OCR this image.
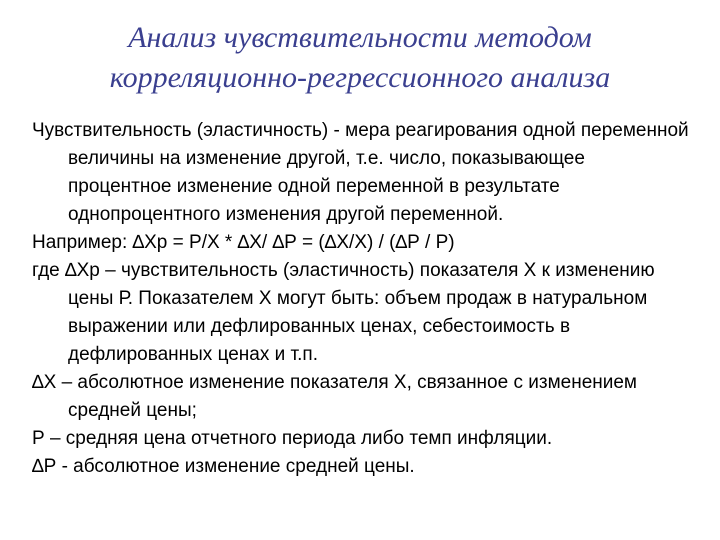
Анализ чувствительности методом
корреляционно-регрессионного анализа

Чувствительность (эластичность) - мера реагирования одной переменной величины на изменение другой, т.е. число, показывающее процентное изменение одной переменной в результате однопроцентного изменения другой переменной.

Например: ∆Хр = Р/Х * ∆Х/ ∆Р = (∆Х/Х) / (∆Р / Р)

где ∆Хр – чувствительность (эластичность) показателя Х к изменению цены Р. Показателем Х могут быть: объем продаж в натуральном выражении или дефлированных ценах, себестоимость в дефлированных ценах и т.п.

∆Х – абсолютное изменение показателя Х, связанное с изменением средней цены;

Р – средняя цена отчетного периода либо темп инфляции.

∆Р - абсолютное изменение средней цены.
